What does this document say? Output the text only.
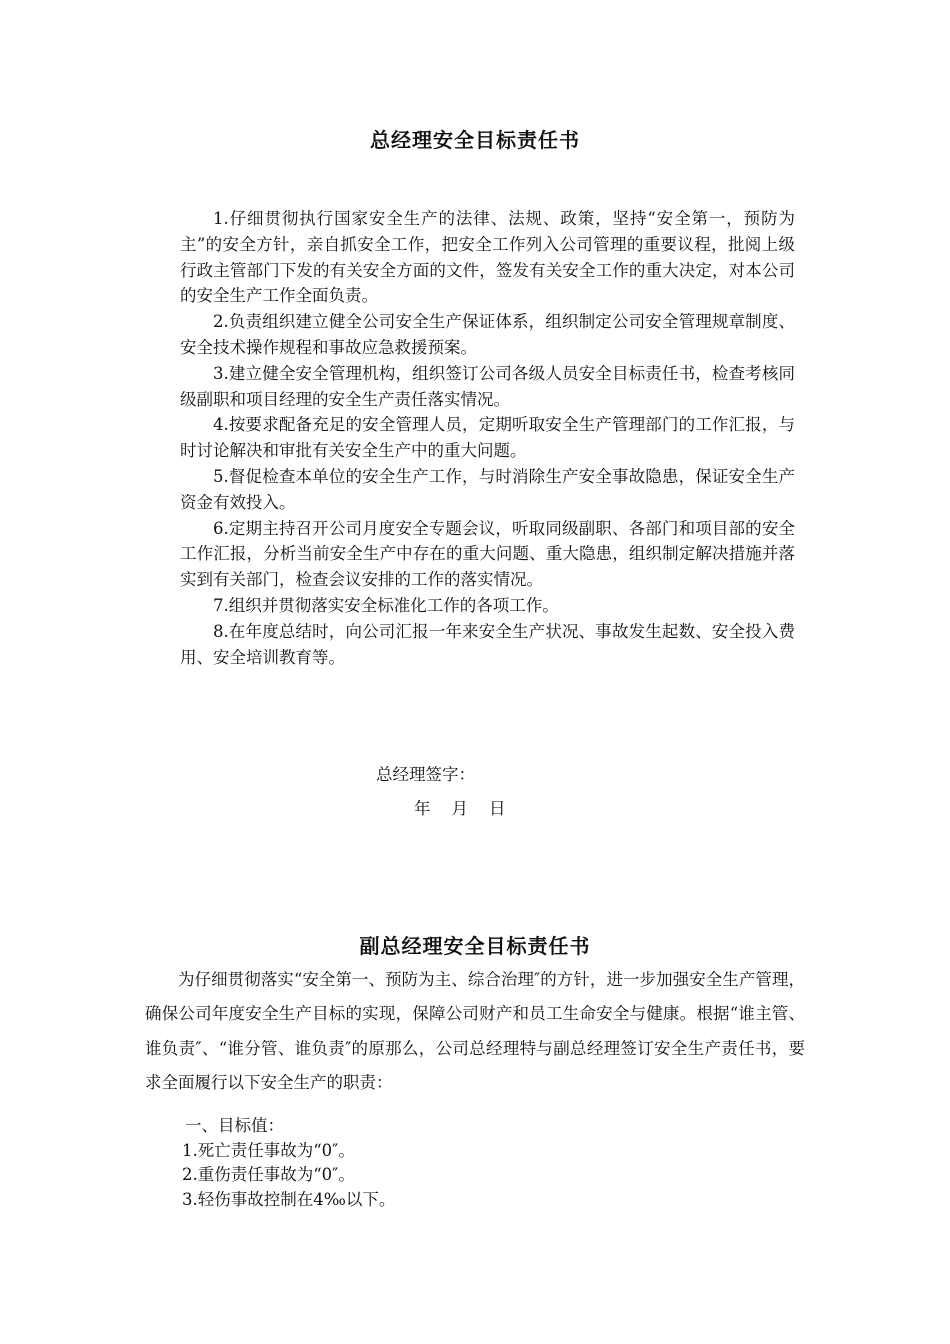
总经理安全目标责任书

1.仔细贯彻执行国家安全生产的法律、法规、政策，坚持“安全第一，预防为主”的安全方针，亲自抓安全工作，把安全工作列入公司管理的重要议程，批阅上级行政主管部门下发的有关安全方面的文件，签发有关安全工作的重大决定，对本公司的安全生产工作全面负责。

2.负责组织建立健全公司安全生产保证体系，组织制定公司安全管理规章制度、安全技术操作规程和事故应急救援预案。

3.建立健全安全管理机构，组织签订公司各级人员安全目标责任书，检查考核同级副职和项目经理的安全生产责任落实情况。

4.按要求配备充足的安全管理人员，定期听取安全生产管理部门的工作汇报，与时讨论解决和审批有关安全生产中的重大问题。

5.督促检查本单位的安全生产工作，与时消除生产安全事故隐患，保证安全生产资金有效投入。

6.定期主持召开公司月度安全专题会议，听取同级副职、各部门和项目部的安全工作汇报，分析当前安全生产中存在的重大问题、重大隐患，组织制定解决措施并落实到有关部门，检查会议安排的工作的落实情况。

7.组织并贯彻落实安全标准化工作的各项工作。

8.在年度总结时，向公司汇报一年来安全生产状况、事故发生起数、安全投入费用、安全培训教育等。

总经理签字：
年    月    日
副总经理安全目标责任书

为仔细贯彻落实“安全第一、预防为主、综合治理″的方针，进一步加强安全生产管理，确保公司年度安全生产目标的实现，保障公司财产和员工生命安全与健康。根据“谁主管、谁负责″、“谁分管、谁负责″的原那么，公司总经理特与副总经理签订安全生产责任书，要求全面履行以下安全生产的职责：

一、目标值：
1.死亡责任事故为“0″。
2.重伤责任事故为“0″。
3.轻伤事故控制在4‰以下。
